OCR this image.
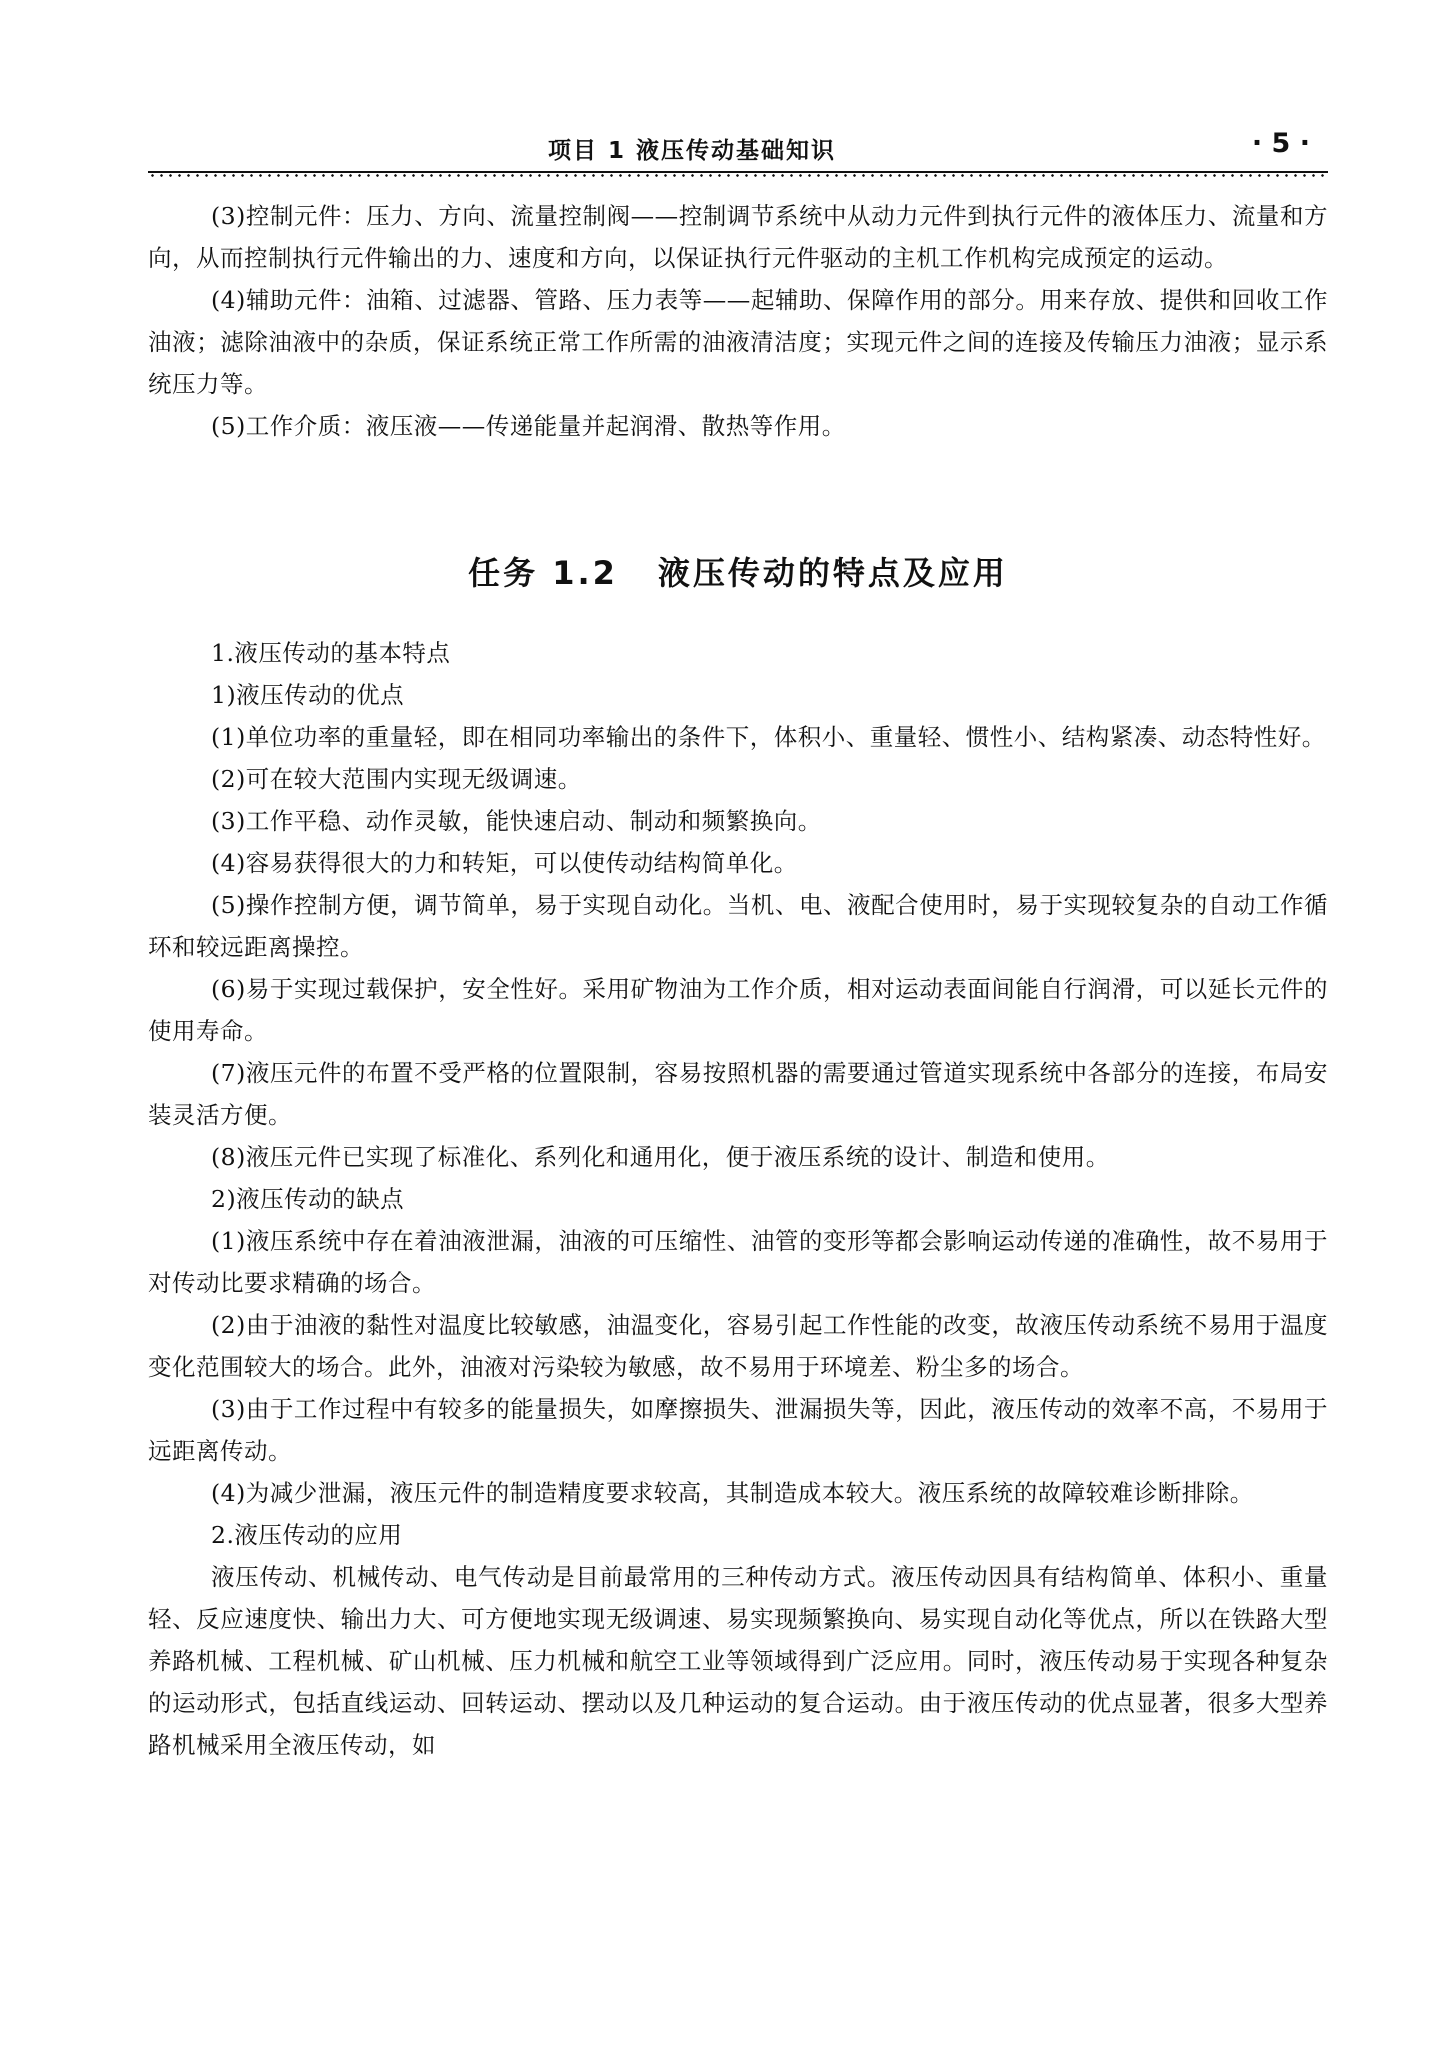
项目 1 液压传动基础知识	· 5 ·

(3)控制元件：压力、方向、流量控制阀——控制调节系统中从动力元件到执行元件的液体压力、流量和方向，从而控制执行元件输出的力、速度和方向，以保证执行元件驱动的主机工作机构完成预定的运动。

(4)辅助元件：油箱、过滤器、管路、压力表等——起辅助、保障作用的部分。用来存放、提供和回收工作油液；滤除油液中的杂质，保证系统正常工作所需的油液清洁度；实现元件之间的连接及传输压力油液；显示系统压力等。

(5)工作介质：液压液——传递能量并起润滑、散热等作用。

任务 1.2 液压传动的特点及应用

1.液压传动的基本特点

1)液压传动的优点

(1)单位功率的重量轻，即在相同功率输出的条件下，体积小、重量轻、惯性小、结构紧凑、动态特性好。

(2)可在较大范围内实现无级调速。

(3)工作平稳、动作灵敏，能快速启动、制动和频繁换向。

(4)容易获得很大的力和转矩，可以使传动结构简单化。

(5)操作控制方便，调节简单，易于实现自动化。当机、电、液配合使用时，易于实现较复杂的自动工作循环和较远距离操控。

(6)易于实现过载保护，安全性好。采用矿物油为工作介质，相对运动表面间能自行润滑，可以延长元件的使用寿命。

(7)液压元件的布置不受严格的位置限制，容易按照机器的需要通过管道实现系统中各部分的连接，布局安装灵活方便。

(8)液压元件已实现了标准化、系列化和通用化，便于液压系统的设计、制造和使用。

2)液压传动的缺点

(1)液压系统中存在着油液泄漏，油液的可压缩性、油管的变形等都会影响运动传递的准确性，故不易用于对传动比要求精确的场合。

(2)由于油液的黏性对温度比较敏感，油温变化，容易引起工作性能的改变，故液压传动系统不易用于温度变化范围较大的场合。此外，油液对污染较为敏感，故不易用于环境差、粉尘多的场合。

(3)由于工作过程中有较多的能量损失，如摩擦损失、泄漏损失等，因此，液压传动的效率不高，不易用于远距离传动。

(4)为减少泄漏，液压元件的制造精度要求较高，其制造成本较大。液压系统的故障较难诊断排除。

2.液压传动的应用

液压传动、机械传动、电气传动是目前最常用的三种传动方式。液压传动因具有结构简单、体积小、重量轻、反应速度快、输出力大、可方便地实现无级调速、易实现频繁换向、易实现自动化等优点，所以在铁路大型养路机械、工程机械、矿山机械、压力机械和航空工业等领域得到广泛应用。同时，液压传动易于实现各种复杂的运动形式，包括直线运动、回转运动、摆动以及几种运动的复合运动。由于液压传动的优点显著，很多大型养路机械采用全液压传动，如
